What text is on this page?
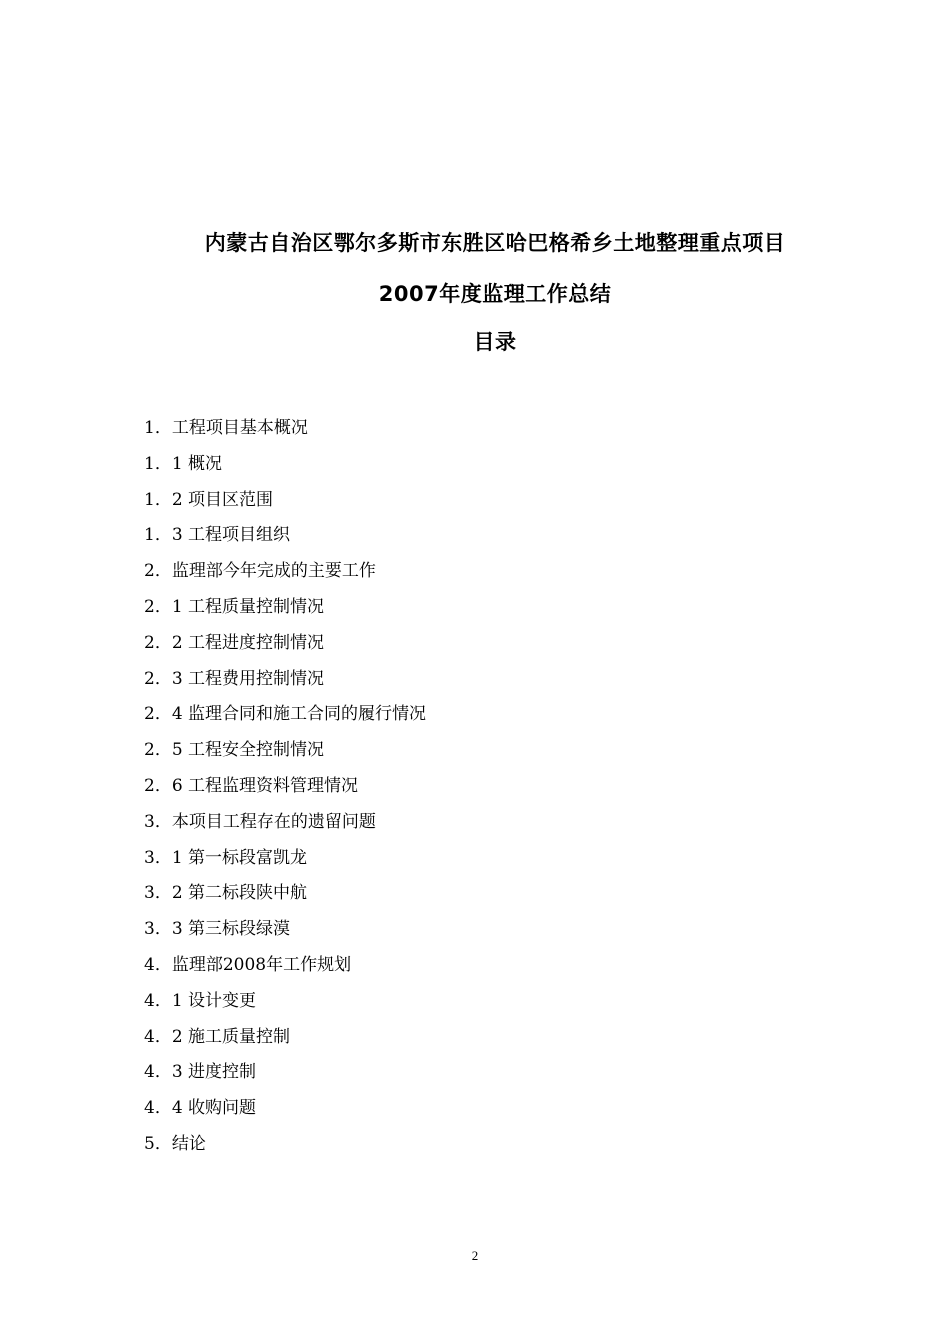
内蒙古自治区鄂尔多斯市东胜区哈巴格希乡土地整理重点项目
2007年度监理工作总结
目录
1．工程项目基本概况
1．1 概况
1．2 项目区范围
1．3 工程项目组织
2．监理部今年完成的主要工作
2．1 工程质量控制情况
2．2 工程进度控制情况
2．3 工程费用控制情况
2．4 监理合同和施工合同的履行情况
2．5 工程安全控制情况
2．6 工程监理资料管理情况
3．本项目工程存在的遗留问题
3．1 第一标段富凯龙
3．2 第二标段陕中航
3．3 第三标段绿漠
4．监理部2008年工作规划
4．1 设计变更
4．2 施工质量控制
4．3 进度控制
4．4 收购问题
5．结论
2
